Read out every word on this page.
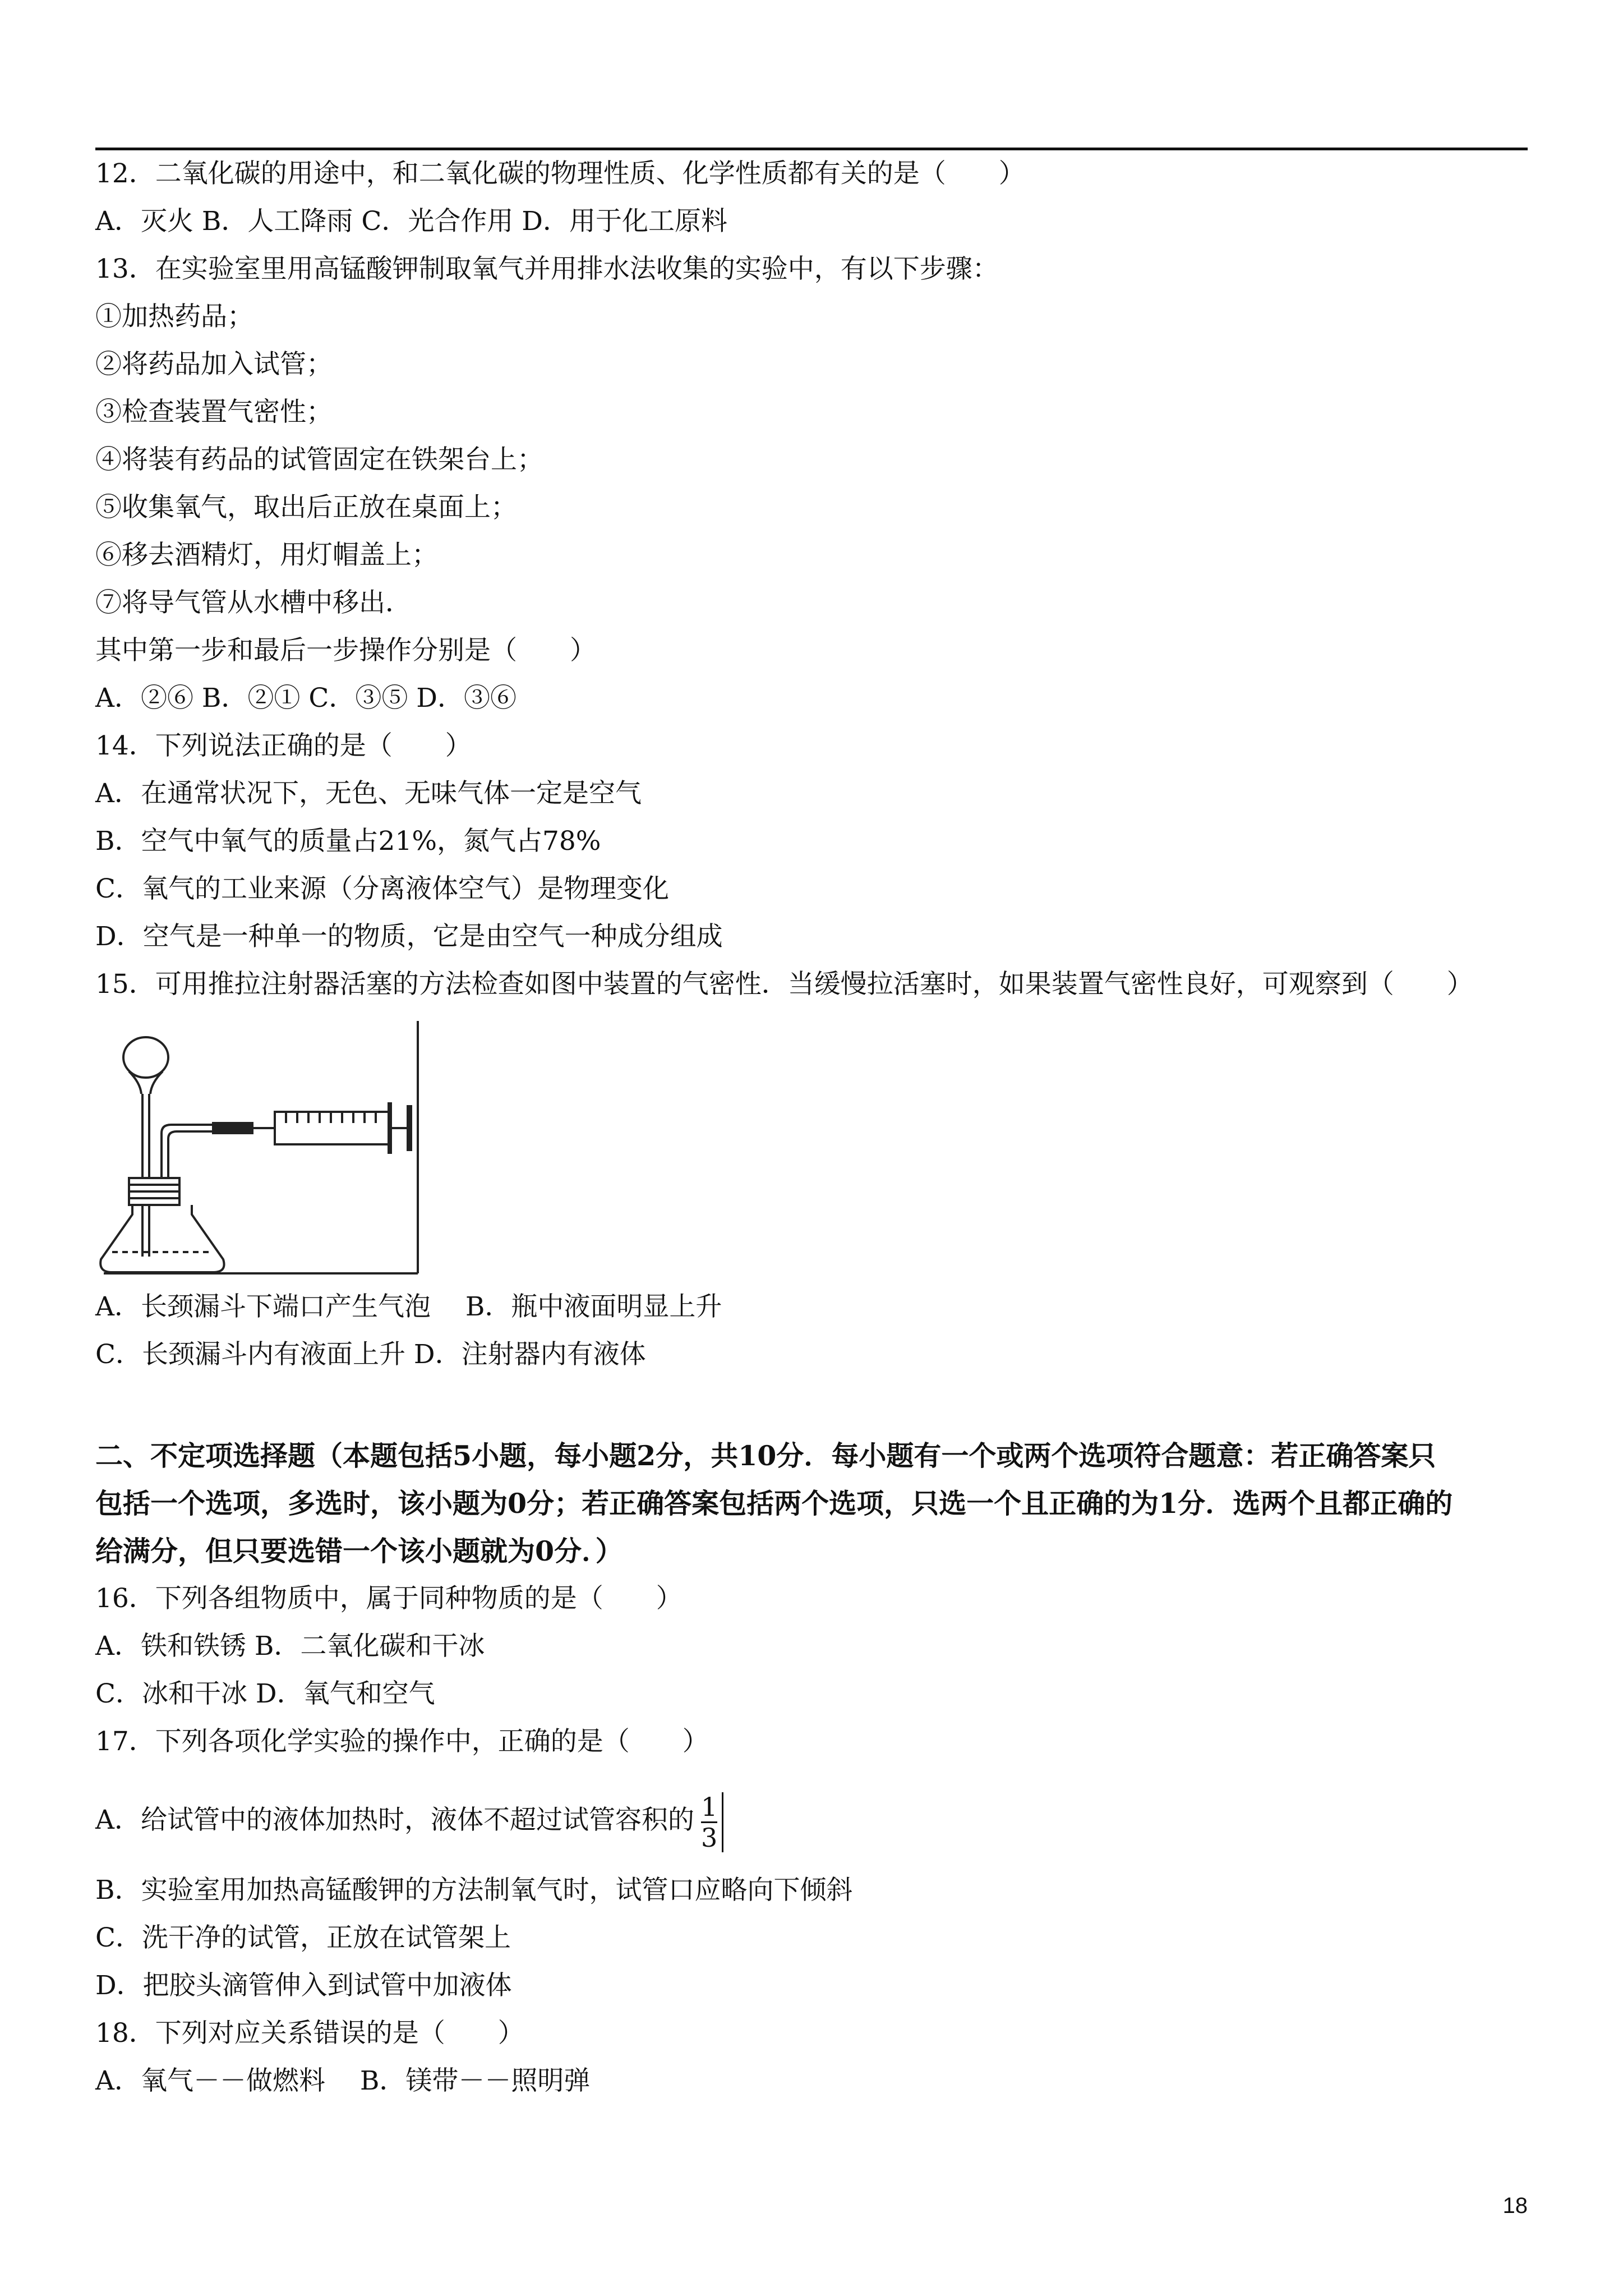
12．二氧化碳的用途中，和二氧化碳的物理性质、化学性质都有关的是（　　）
A．灭火 B．人工降雨 C．光合作用 D．用于化工原料
13．在实验室里用高锰酸钾制取氧气并用排水法收集的实验中，有以下步骤：
①加热药品；
②将药品加入试管；
③检查装置气密性；
④将装有药品的试管固定在铁架台上；
⑤收集氧气，取出后正放在桌面上；
⑥移去酒精灯，用灯帽盖上；
⑦将导气管从水槽中移出．
其中第一步和最后一步操作分别是（　　）
A．②⑥ B．②① C．③⑤ D．③⑥
14．下列说法正确的是（　　）
A．在通常状况下，无色、无味气体一定是空气
B．空气中氧气的质量占21%，氮气占78%
C．氧气的工业来源（分离液体空气）是物理变化
D．空气是一种单一的物质，它是由空气一种成分组成
15．可用推拉注射器活塞的方法检查如图中装置的气密性．当缓慢拉活塞时，如果装置气密性良好，可观察到（　　）
A．长颈漏斗下端口产生气泡　 B．瓶中液面明显上升
C．长颈漏斗内有液面上升 D．注射器内有液体
二、不定项选择题（本题包括5小题，每小题2分，共10分．每小题有一个或两个选项符合题意：若正确答案只
包括一个选项，多选时，该小题为0分；若正确答案包括两个选项，只选一个且正确的为1分．选两个且都正确的
给满分，但只要选错一个该小题就为0分．）
16．下列各组物质中，属于同种物质的是（　　）
A．铁和铁锈 B．二氧化碳和干冰
C．冰和干冰 D．氧气和空气
17．下列各项化学实验的操作中，正确的是（　　）
A．给试管中的液体加热时，液体不超过试管容积的 $\frac{1}{3}$
B．实验室用加热高锰酸钾的方法制氧气时，试管口应略向下倾斜
C．洗干净的试管，正放在试管架上
D．把胶头滴管伸入到试管中加液体
18．下列对应关系错误的是（　　）
A．氧气－－做燃料　 B．镁带－－照明弹
18
